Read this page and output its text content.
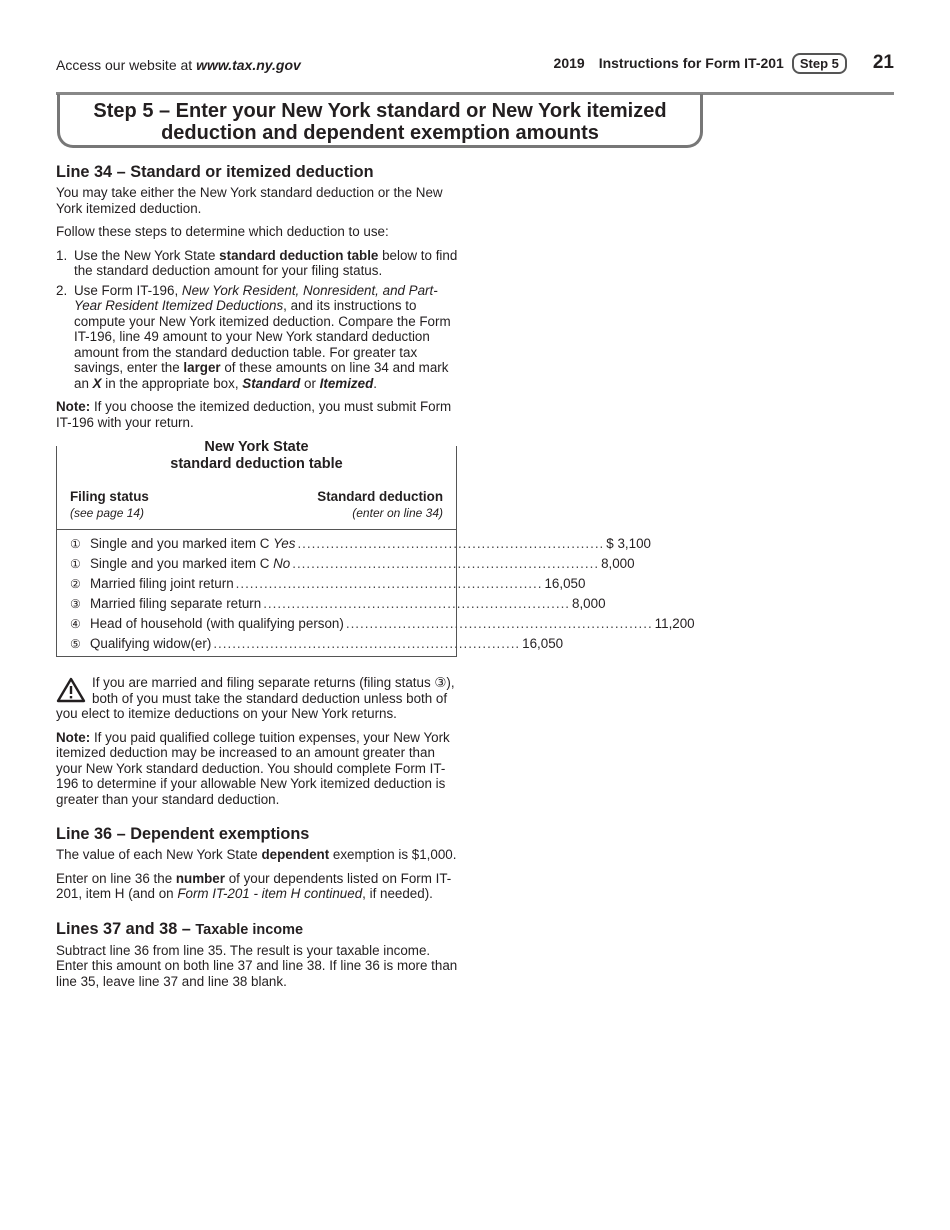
Access our website at www.tax.ny.gov	2019 Instructions for Form IT-201	Step 5	21
Step 5 – Enter your New York standard or New York itemized
deduction and dependent exemption amounts
Line 34 – Standard or itemized deduction

You may take either the New York standard deduction or the New York itemized deduction.

Follow these steps to determine which deduction to use:

1. Use the New York State standard deduction table below to find the standard deduction amount for your filing status.
2. Use Form IT-196, New York Resident, Nonresident, and Part-Year Resident Itemized Deductions, and its instructions to compute your New York itemized deduction. Compare the Form IT-196, line 49 amount to your New York standard deduction amount from the standard deduction table. For greater tax savings, enter the larger of these amounts on line 34 and mark an X in the appropriate box, Standard or Itemized.

Note: If you choose the itemized deduction, you must submit Form IT-196 with your return.

New York State
standard deduction table
Filing status
(see page 14)
Standard deduction
(enter on line 34)
① Single and you marked item C Yes ................................................................. $ 3,100
① Single and you marked item C No ................................................................. 8,000
② Married filing joint return ................................................................. 16,050
③ Married filing separate return ................................................................. 8,000
④ Head of household (with qualifying person) ................................................................. 11,200
⑤ Qualifying widow(er) ................................................................. 16,050

If you are married and filing separate returns (filing status ③), both of you must take the standard deduction unless both of you elect to itemize deductions on your New York returns.

Note: If you paid qualified college tuition expenses, your New York itemized deduction may be increased to an amount greater than your New York standard deduction. You should complete Form IT-196 to determine if your allowable New York itemized deduction is greater than your standard deduction.

Line 36 – Dependent exemptions

The value of each New York State dependent exemption is $1,000.

Enter on line 36 the number of your dependents listed on Form IT-201, item H (and on Form IT-201 - item H continued, if needed).

Lines 37 and 38 – Taxable income

Subtract line 36 from line 35. The result is your taxable income. Enter this amount on both line 37 and line 38. If line 36 is more than line 35, leave line 37 and line 38 blank.
